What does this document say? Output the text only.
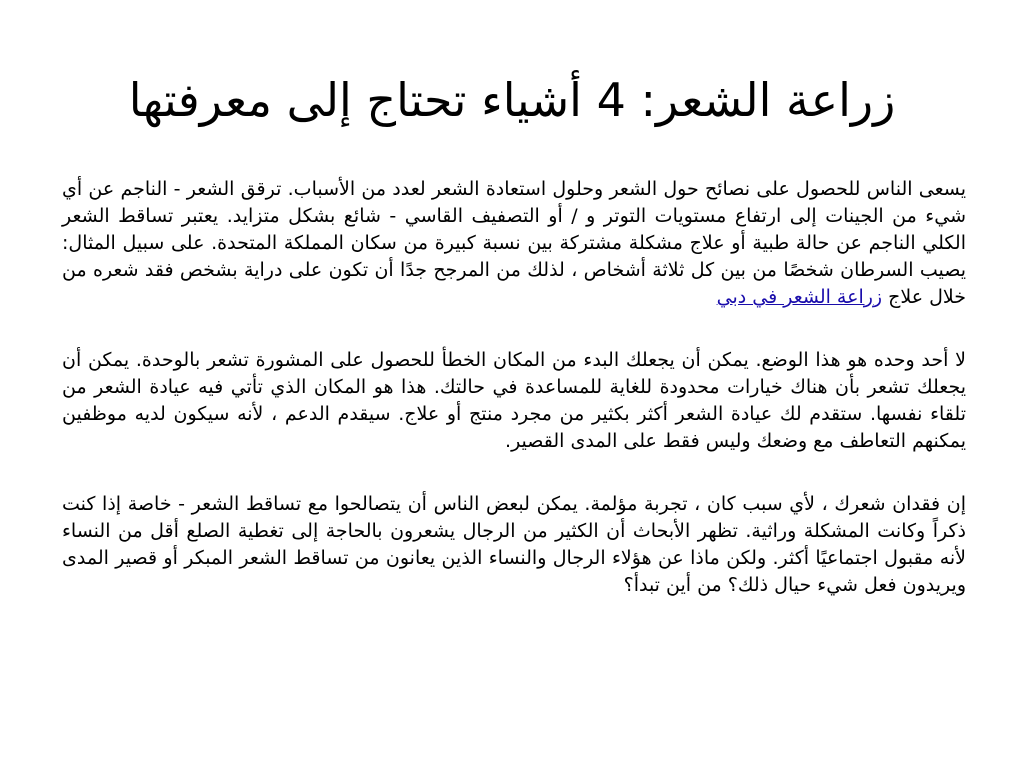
زراعة الشعر: 4 أشياء تحتاج إلى معرفتها

يسعى الناس للحصول على نصائح حول الشعر وحلول استعادة الشعر لعدد من الأسباب. ترقق الشعر - الناجم عن أي شيء من الجينات إلى ارتفاع مستويات التوتر و / أو التصفيف القاسي - شائع بشكل متزايد. يعتبر تساقط الشعر الكلي الناجم عن حالة طبية أو علاج مشكلة مشتركة بين نسبة كبيرة من سكان المملكة المتحدة. على سبيل المثال: يصيب السرطان شخصًا من بين كل ثلاثة أشخاص ، لذلك من المرجح جدًا أن تكون على دراية بشخص فقد شعره من خلال علاج زراعة الشعر في دبي

لا أحد وحده هو هذا الوضع. يمكن أن يجعلك البدء من المكان الخطأ للحصول على المشورة تشعر بالوحدة. يمكن أن يجعلك تشعر بأن هناك خيارات محدودة للغاية للمساعدة في حالتك. هذا هو المكان الذي تأتي فيه عيادة الشعر من تلقاء نفسها. ستقدم لك عيادة الشعر أكثر بكثير من مجرد منتج أو علاج. سيقدم الدعم ، لأنه سيكون لديه موظفين يمكنهم التعاطف مع وضعك وليس فقط على المدى القصير.

إن فقدان شعرك ، لأي سبب كان ، تجربة مؤلمة. يمكن لبعض الناس أن يتصالحوا مع تساقط الشعر - خاصة إذا كنت ذكراً وكانت المشكلة وراثية. تظهر الأبحاث أن الكثير من الرجال يشعرون بالحاجة إلى تغطية الصلع أقل من النساء لأنه مقبول اجتماعيًا أكثر. ولكن ماذا عن هؤلاء الرجال والنساء الذين يعانون من تساقط الشعر المبكر أو قصير المدى ويريدون فعل شيء حيال ذلك؟ من أين تبدأ؟
